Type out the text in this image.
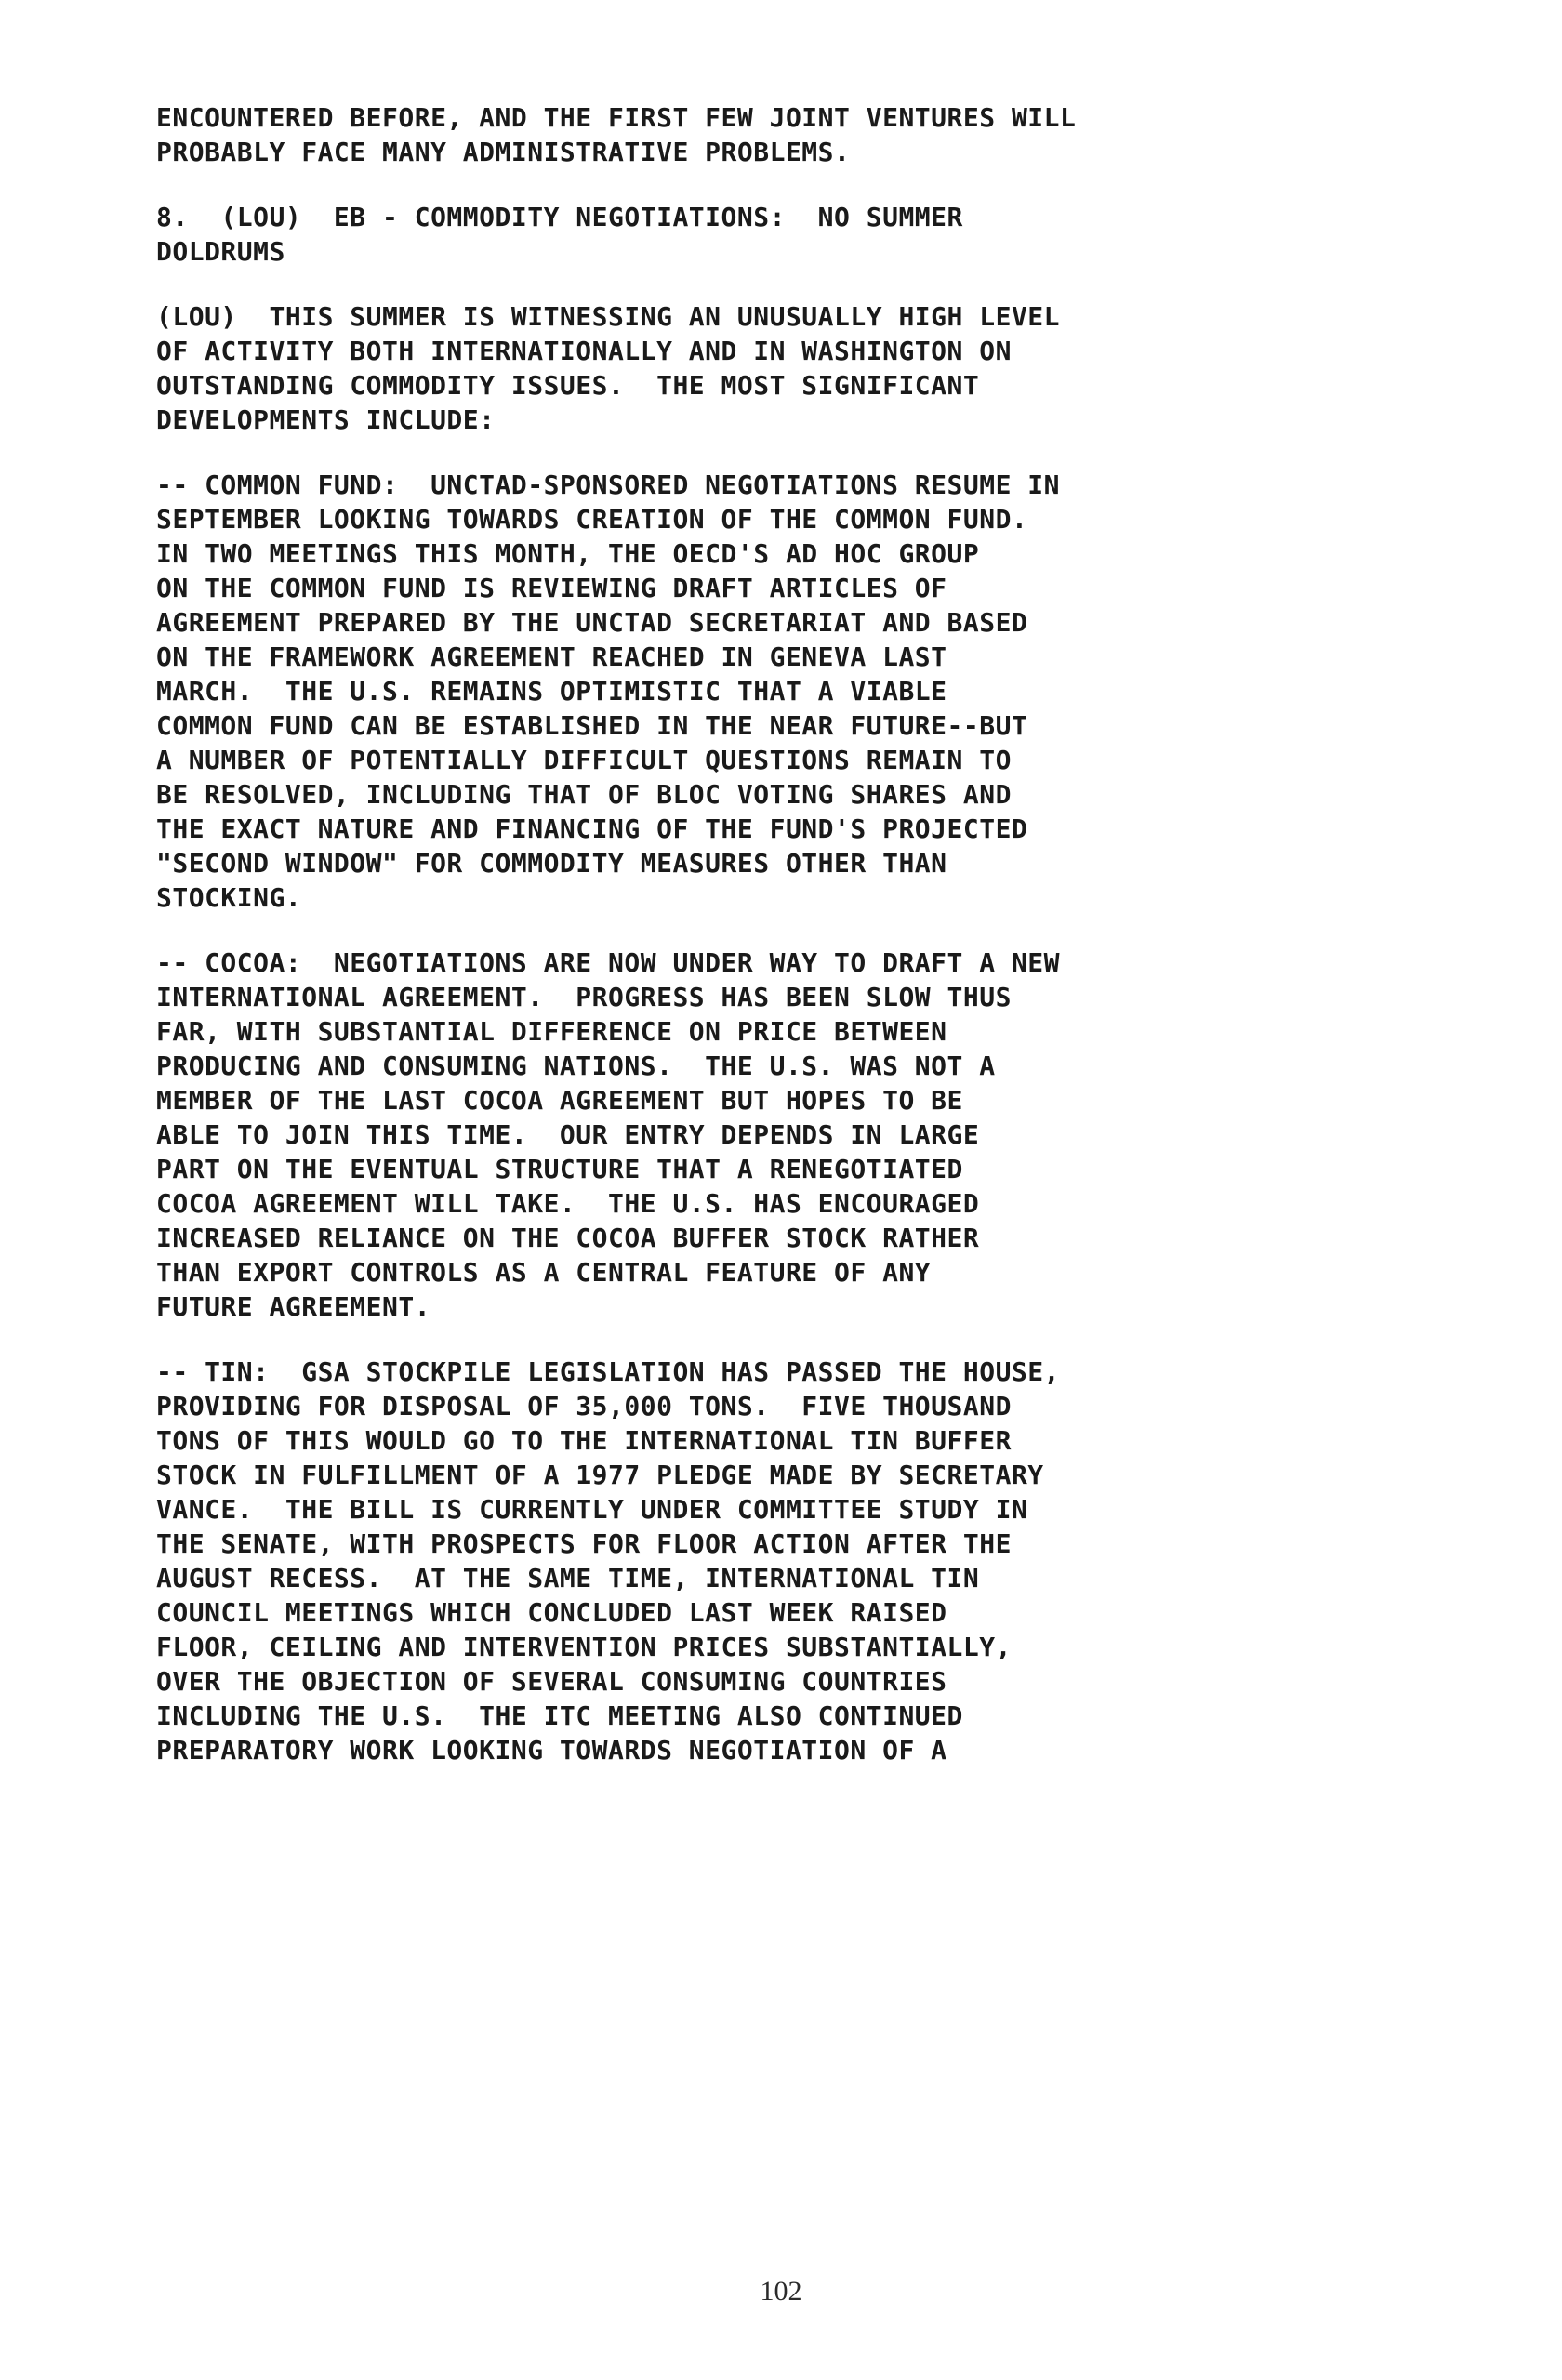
ENCOUNTERED BEFORE, AND THE FIRST FEW JOINT VENTURES WILL
PROBABLY FACE MANY ADMINISTRATIVE PROBLEMS.
8.  (LOU)  EB - COMMODITY NEGOTIATIONS:  NO SUMMER
DOLDRUMS
(LOU)  THIS SUMMER IS WITNESSING AN UNUSUALLY HIGH LEVEL
OF ACTIVITY BOTH INTERNATIONALLY AND IN WASHINGTON ON
OUTSTANDING COMMODITY ISSUES.  THE MOST SIGNIFICANT
DEVELOPMENTS INCLUDE:
-- COMMON FUND:  UNCTAD-SPONSORED NEGOTIATIONS RESUME IN
SEPTEMBER LOOKING TOWARDS CREATION OF THE COMMON FUND.
IN TWO MEETINGS THIS MONTH, THE OECD'S AD HOC GROUP
ON THE COMMON FUND IS REVIEWING DRAFT ARTICLES OF
AGREEMENT PREPARED BY THE UNCTAD SECRETARIAT AND BASED
ON THE FRAMEWORK AGREEMENT REACHED IN GENEVA LAST
MARCH.  THE U.S. REMAINS OPTIMISTIC THAT A VIABLE
COMMON FUND CAN BE ESTABLISHED IN THE NEAR FUTURE--BUT
A NUMBER OF POTENTIALLY DIFFICULT QUESTIONS REMAIN TO
BE RESOLVED, INCLUDING THAT OF BLOC VOTING SHARES AND
THE EXACT NATURE AND FINANCING OF THE FUND'S PROJECTED
"SECOND WINDOW" FOR COMMODITY MEASURES OTHER THAN
STOCKING.
-- COCOA:  NEGOTIATIONS ARE NOW UNDER WAY TO DRAFT A NEW
INTERNATIONAL AGREEMENT.  PROGRESS HAS BEEN SLOW THUS
FAR, WITH SUBSTANTIAL DIFFERENCE ON PRICE BETWEEN
PRODUCING AND CONSUMING NATIONS.  THE U.S. WAS NOT A
MEMBER OF THE LAST COCOA AGREEMENT BUT HOPES TO BE
ABLE TO JOIN THIS TIME.  OUR ENTRY DEPENDS IN LARGE
PART ON THE EVENTUAL STRUCTURE THAT A RENEGOTIATED
COCOA AGREEMENT WILL TAKE.  THE U.S. HAS ENCOURAGED
INCREASED RELIANCE ON THE COCOA BUFFER STOCK RATHER
THAN EXPORT CONTROLS AS A CENTRAL FEATURE OF ANY
FUTURE AGREEMENT.
-- TIN:  GSA STOCKPILE LEGISLATION HAS PASSED THE HOUSE,
PROVIDING FOR DISPOSAL OF 35,000 TONS.  FIVE THOUSAND
TONS OF THIS WOULD GO TO THE INTERNATIONAL TIN BUFFER
STOCK IN FULFILLMENT OF A 1977 PLEDGE MADE BY SECRETARY
VANCE.  THE BILL IS CURRENTLY UNDER COMMITTEE STUDY IN
THE SENATE, WITH PROSPECTS FOR FLOOR ACTION AFTER THE
AUGUST RECESS.  AT THE SAME TIME, INTERNATIONAL TIN
COUNCIL MEETINGS WHICH CONCLUDED LAST WEEK RAISED
FLOOR, CEILING AND INTERVENTION PRICES SUBSTANTIALLY,
OVER THE OBJECTION OF SEVERAL CONSUMING COUNTRIES
INCLUDING THE U.S.  THE ITC MEETING ALSO CONTINUED
PREPARATORY WORK LOOKING TOWARDS NEGOTIATION OF A
102
